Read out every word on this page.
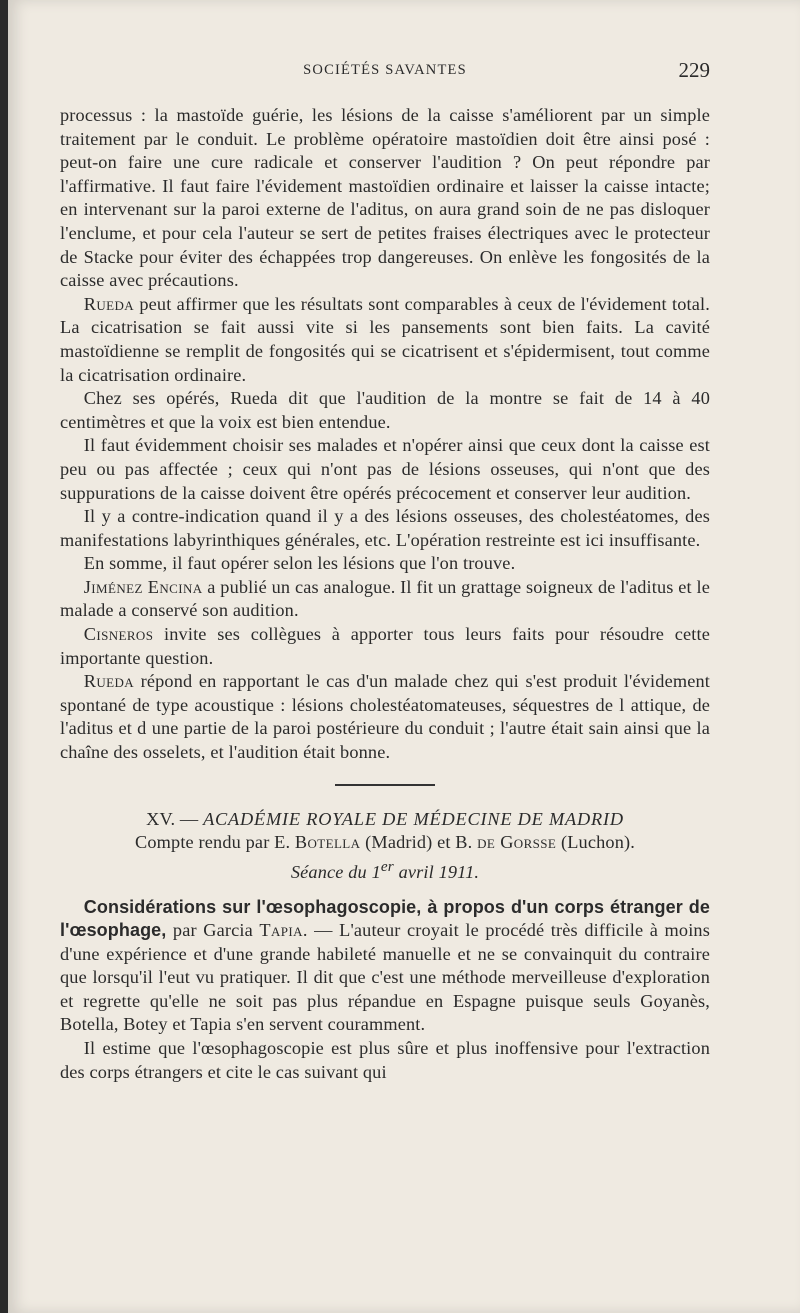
SOCIÉTÉS SAVANTES	229

processus : la mastoïde guérie, les lésions de la caisse s'améliorent par un simple traitement par le conduit. Le problème opératoire mastoïdien doit être ainsi posé : peut-on faire une cure radicale et conserver l'audition ? On peut répondre par l'affirmative. Il faut faire l'évidement mastoïdien ordinaire et laisser la caisse intacte; en intervenant sur la paroi externe de l'aditus, on aura grand soin de ne pas disloquer l'enclume, et pour cela l'auteur se sert de petites fraises électriques avec le protecteur de Stacke pour éviter des échappées trop dangereuses. On enlève les fongosités de la caisse avec précautions.

Rueda peut affirmer que les résultats sont comparables à ceux de l'évidement total. La cicatrisation se fait aussi vite si les pansements sont bien faits. La cavité mastoïdienne se remplit de fongosités qui se cicatrisent et s'épidermisent, tout comme la cicatrisation ordinaire.

Chez ses opérés, Rueda dit que l'audition de la montre se fait de 14 à 40 centimètres et que la voix est bien entendue.

Il faut évidemment choisir ses malades et n'opérer ainsi que ceux dont la caisse est peu ou pas affectée ; ceux qui n'ont pas de lésions osseuses, qui n'ont que des suppurations de la caisse doivent être opérés précocement et conserver leur audition.

Il y a contre-indication quand il y a des lésions osseuses, des cholestéatomes, des manifestations labyrinthiques générales, etc. L'opération restreinte est ici insuffisante.

En somme, il faut opérer selon les lésions que l'on trouve.

Jiménez Encina a publié un cas analogue. Il fit un grattage soigneux de l'aditus et le malade a conservé son audition.

Cisneros invite ses collègues à apporter tous leurs faits pour résoudre cette importante question.

Rueda répond en rapportant le cas d'un malade chez qui s'est produit l'évidement spontané de type acoustique : lésions cholestéatomateuses, séquestres de l attique, de l'aditus et d une partie de la paroi postérieure du conduit ; l'autre était sain ainsi que la chaîne des osselets, et l'audition était bonne.

XV. — ACADÉMIE ROYALE DE MÉDECINE DE MADRID

Compte rendu par E. Botella (Madrid) et B. de Gorsse (Luchon).

Séance du 1er avril 1911.

Considérations sur l'œsophagoscopie, à propos d'un corps étranger de l'œsophage, par Garcia Tapia. — L'auteur croyait le procédé très difficile à moins d'une expérience et d'une grande habileté manuelle et ne se convainquit du contraire que lorsqu'il l'eut vu pratiquer. Il dit que c'est une méthode merveilleuse d'exploration et regrette qu'elle ne soit pas plus répandue en Espagne puisque seuls Goyanès, Botella, Botey et Tapia s'en servent couramment.

Il estime que l'œsophagoscopie est plus sûre et plus inoffensive pour l'extraction des corps étrangers et cite le cas suivant qui
